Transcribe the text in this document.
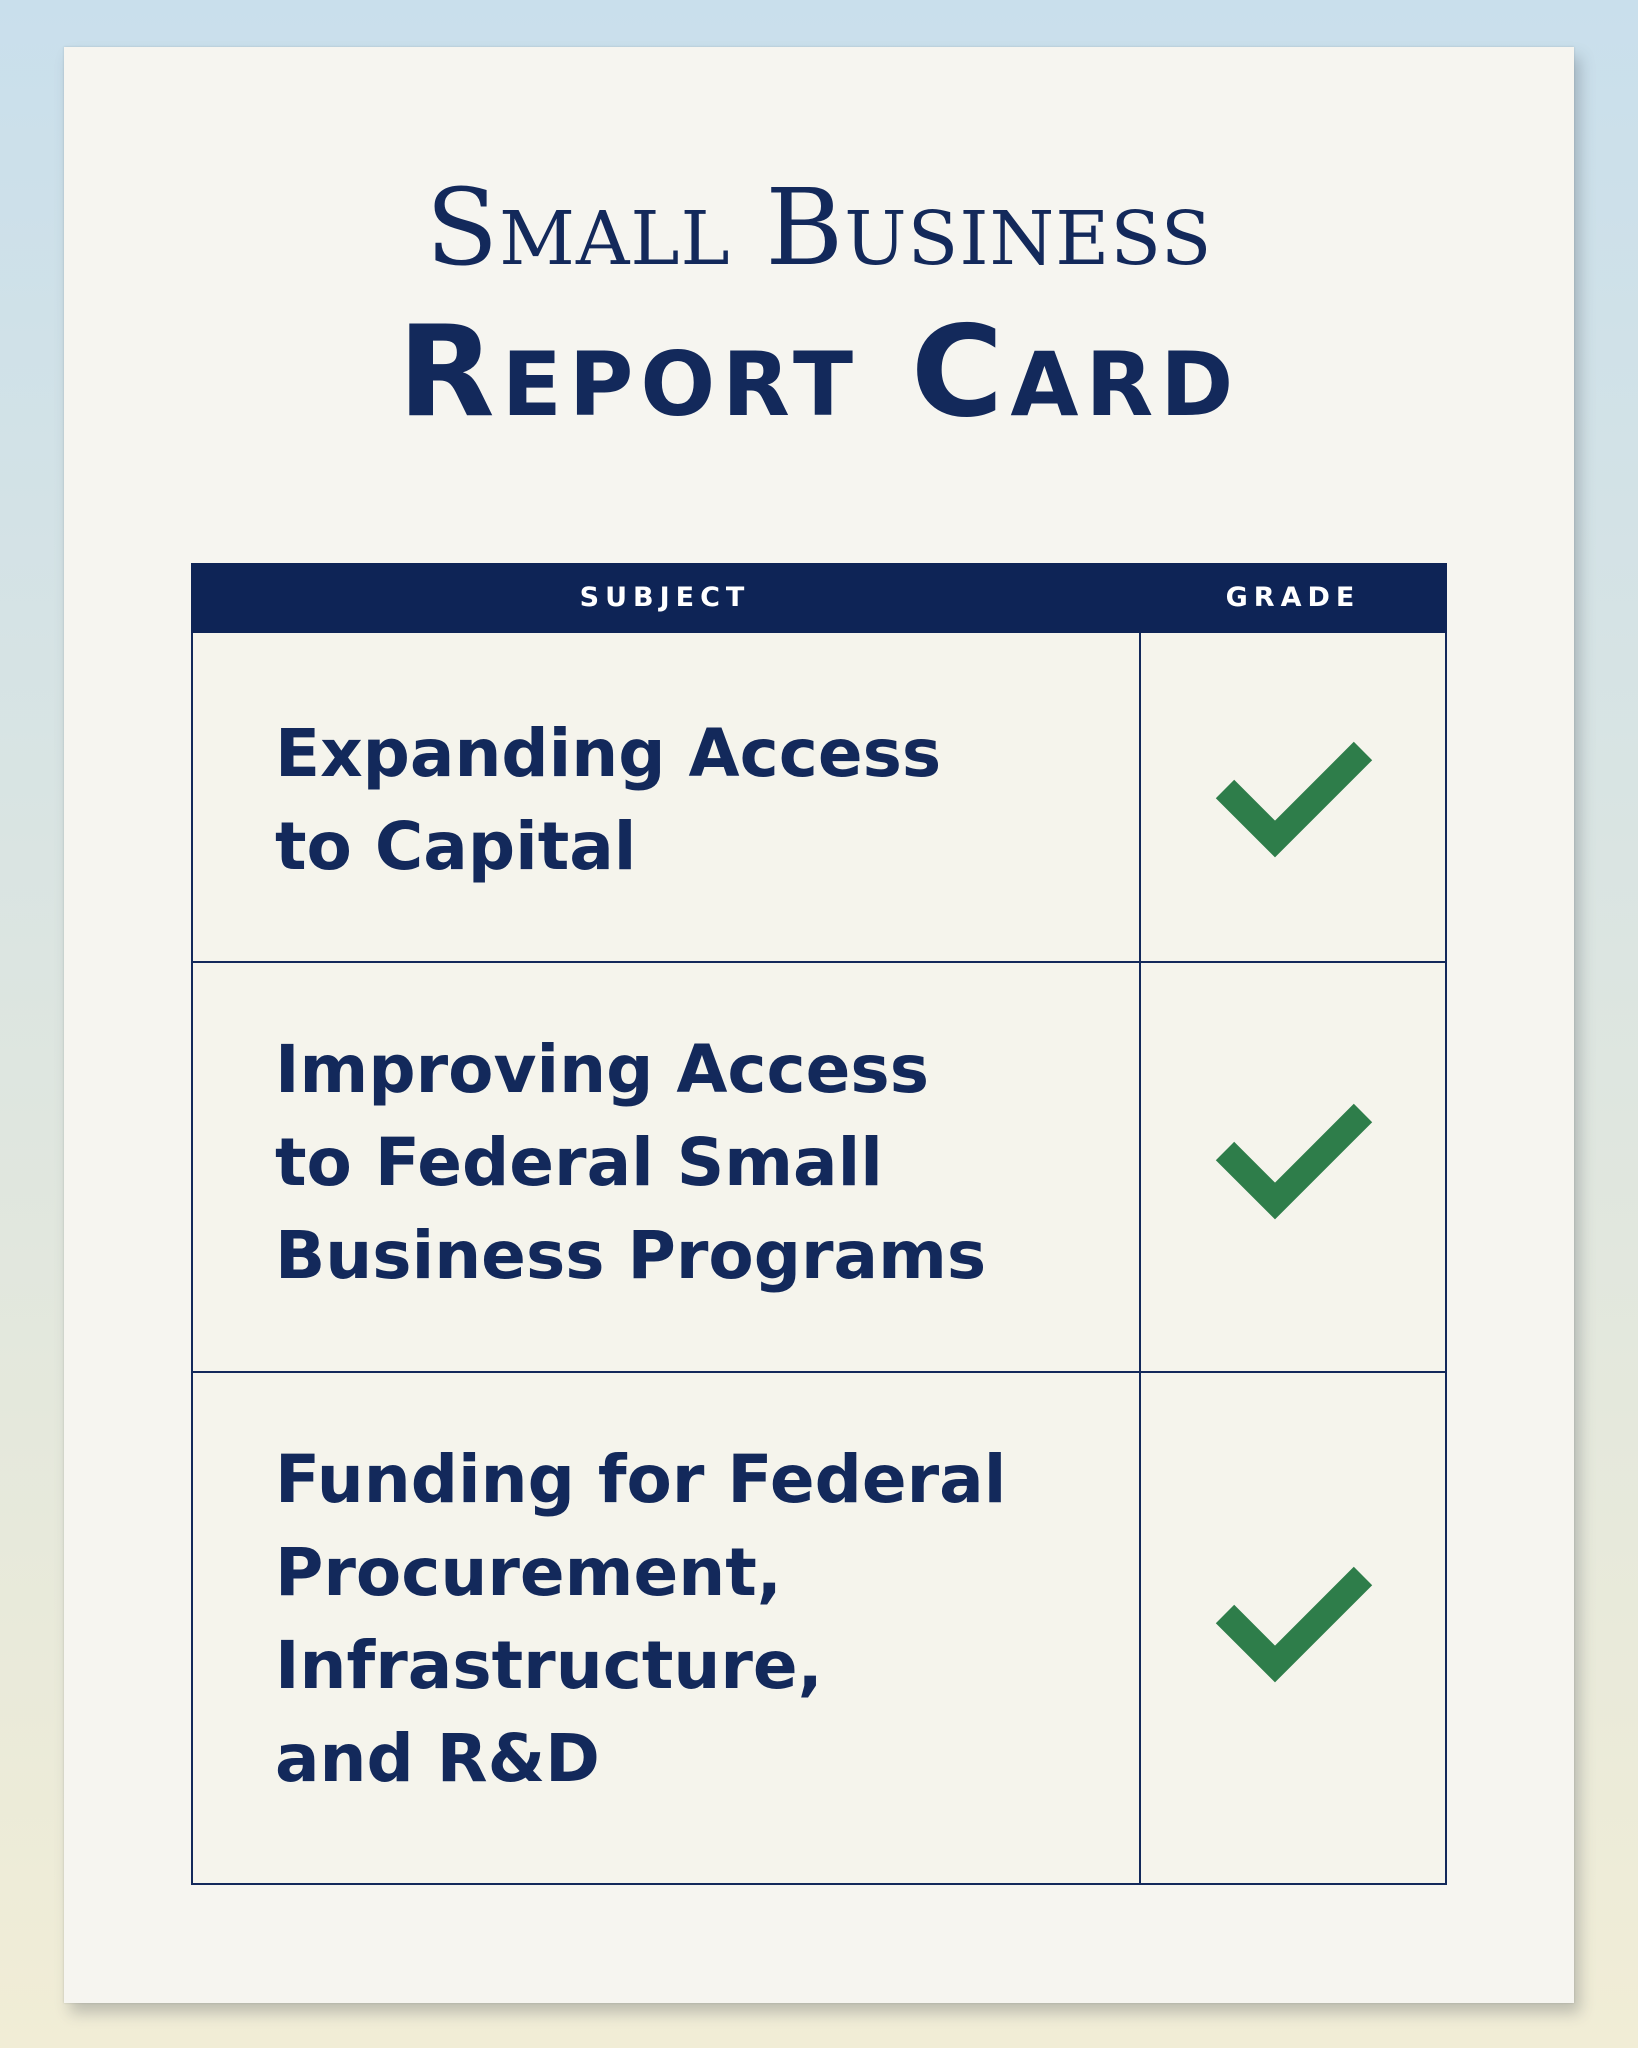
Small Business
Report Card
SUBJECT	GRADE
Expanding Access
to Capital
Improving Access
to Federal Small
Business Programs
Funding for Federal
Procurement,
Infrastructure,
and R&D
